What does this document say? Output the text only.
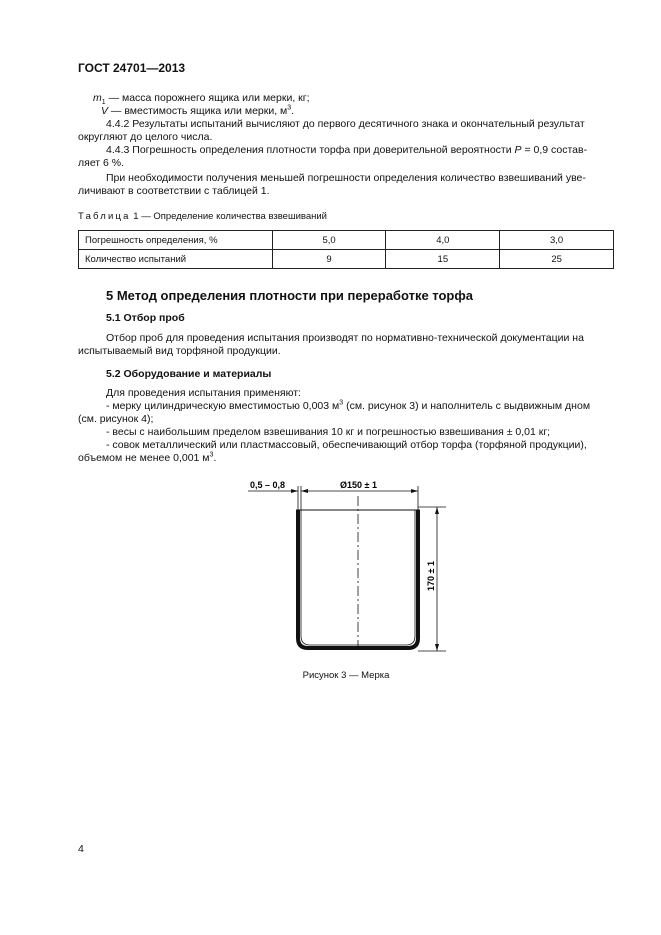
ГОСТ 24701—2013
$m_1$ — масса порожнего ящика или мерки, кг;
V — вместимость ящика или мерки, $м^3$.
4.4.2 Результаты испытаний вычисляют до первого десятичного знака и окончательный результат
округляют до целого числа.
4.4.3 Погрешность определения плотности торфа при доверительной вероятности P = 0,9 состав-
ляет 6 %.
При необходимости получения меньшей погрешности определения количество взвешиваний уве-
личивают в соответствии с таблицей 1.
Таблица 1 — Определение количества взвешиваний
Погрешность определения, %	5,0	4,0	3,0
Количество испытаний	9	15	25
5 Метод определения плотности при переработке торфа
5.1 Отбор проб
Отбор проб для проведения испытания производят по нормативно-технической документации на
испытываемый вид торфяной продукции.
5.2 Оборудование и материалы
Для проведения испытания применяют:
- мерку цилиндрическую вместимостью 0,003 $м^3$ (см. рисунок 3) и наполнитель с выдвижным дном
(см. рисунок 4);
- весы с наибольшим пределом взвешивания 10 кг и погрешностью взвешивания ± 0,01 кг;
- совок металлический или пластмассовый, обеспечивающий отбор торфа (торфяной продукции),
объемом не менее 0,001 $м^3$.
0,5 – 0,8	Ø150 ± 1
170 ± 1
Рисунок 3 — Мерка
4
